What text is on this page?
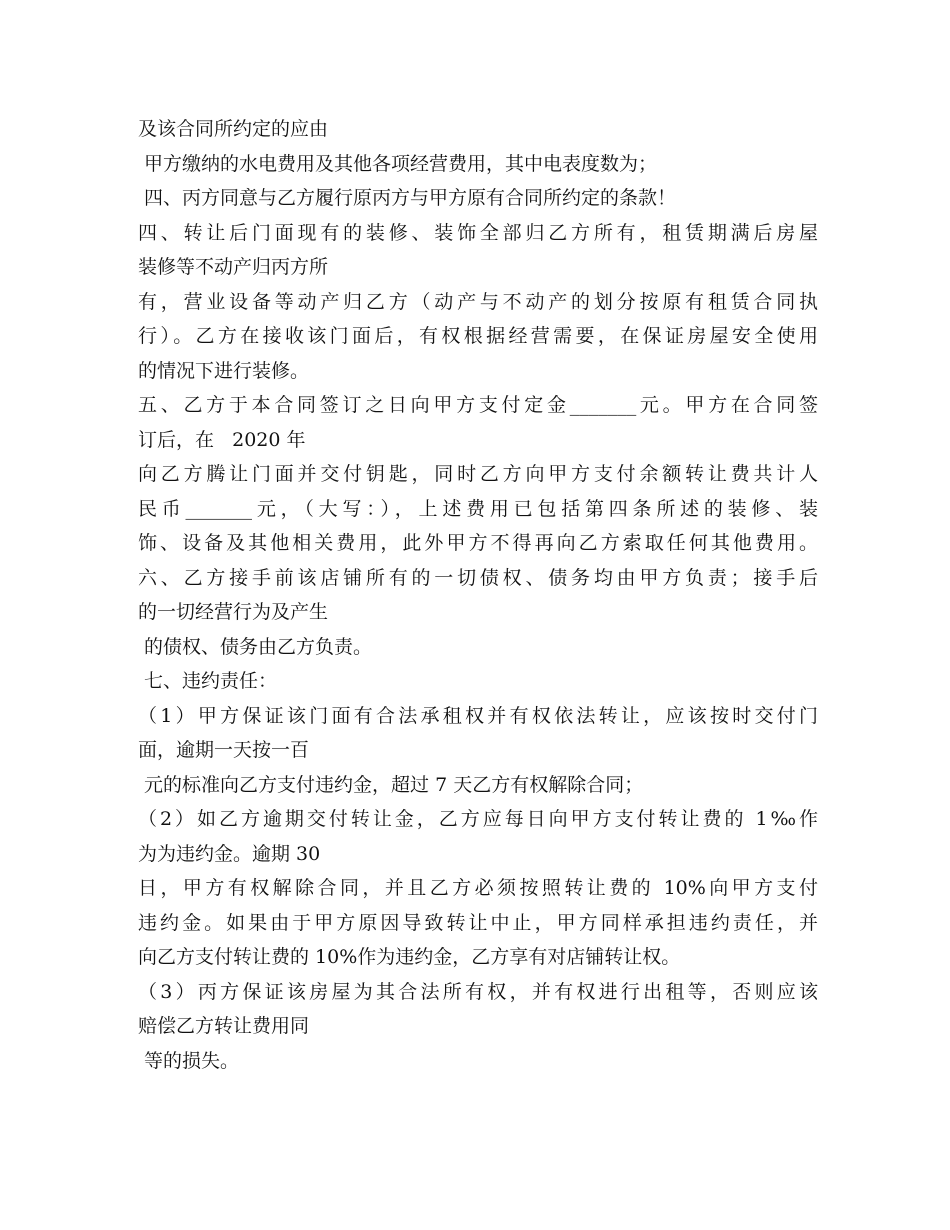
及该合同所约定的应由
甲方缴纳的水电费用及其他各项经营费用，其中电表度数为；
四、丙方同意与乙方履行原丙方与甲方原有合同所约定的条款！
四、转让后门面现有的装修、装饰全部归乙方所有，租赁期满后房屋
装修等不动产归丙方所
有，营业设备等动产归乙方（动产与不动产的划分按原有租赁合同执
行）。乙方在接收该门面后，有权根据经营需要，在保证房屋安全使用
的情况下进行装修。
五、乙方于本合同签订之日向甲方支付定金_______元。甲方在合同签
订后，在   2020 年
向乙方腾让门面并交付钥匙，同时乙方向甲方支付余额转让费共计人
民币_______元，（大写：），上述费用已包括第四条所述的装修、装
饰、设备及其他相关费用，此外甲方不得再向乙方索取任何其他费用。
六、乙方接手前该店铺所有的一切债权、债务均由甲方负责；接手后
的一切经营行为及产生
的债权、债务由乙方负责。
七、违约责任：
（1）甲方保证该门面有合法承租权并有权依法转让，应该按时交付门
面，逾期一天按一百
元的标准向乙方支付违约金，超过 7 天乙方有权解除合同；
（2）如乙方逾期交付转让金，乙方应每日向甲方支付转让费的 1‰作
为为违约金。逾期 30
日，甲方有权解除合同，并且乙方必须按照转让费的 10%向甲方支付
违约金。如果由于甲方原因导致转让中止，甲方同样承担违约责任，并
向乙方支付转让费的 10%作为违约金，乙方享有对店铺转让权。
（3）丙方保证该房屋为其合法所有权，并有权进行出租等，否则应该
赔偿乙方转让费用同
等的损失。
